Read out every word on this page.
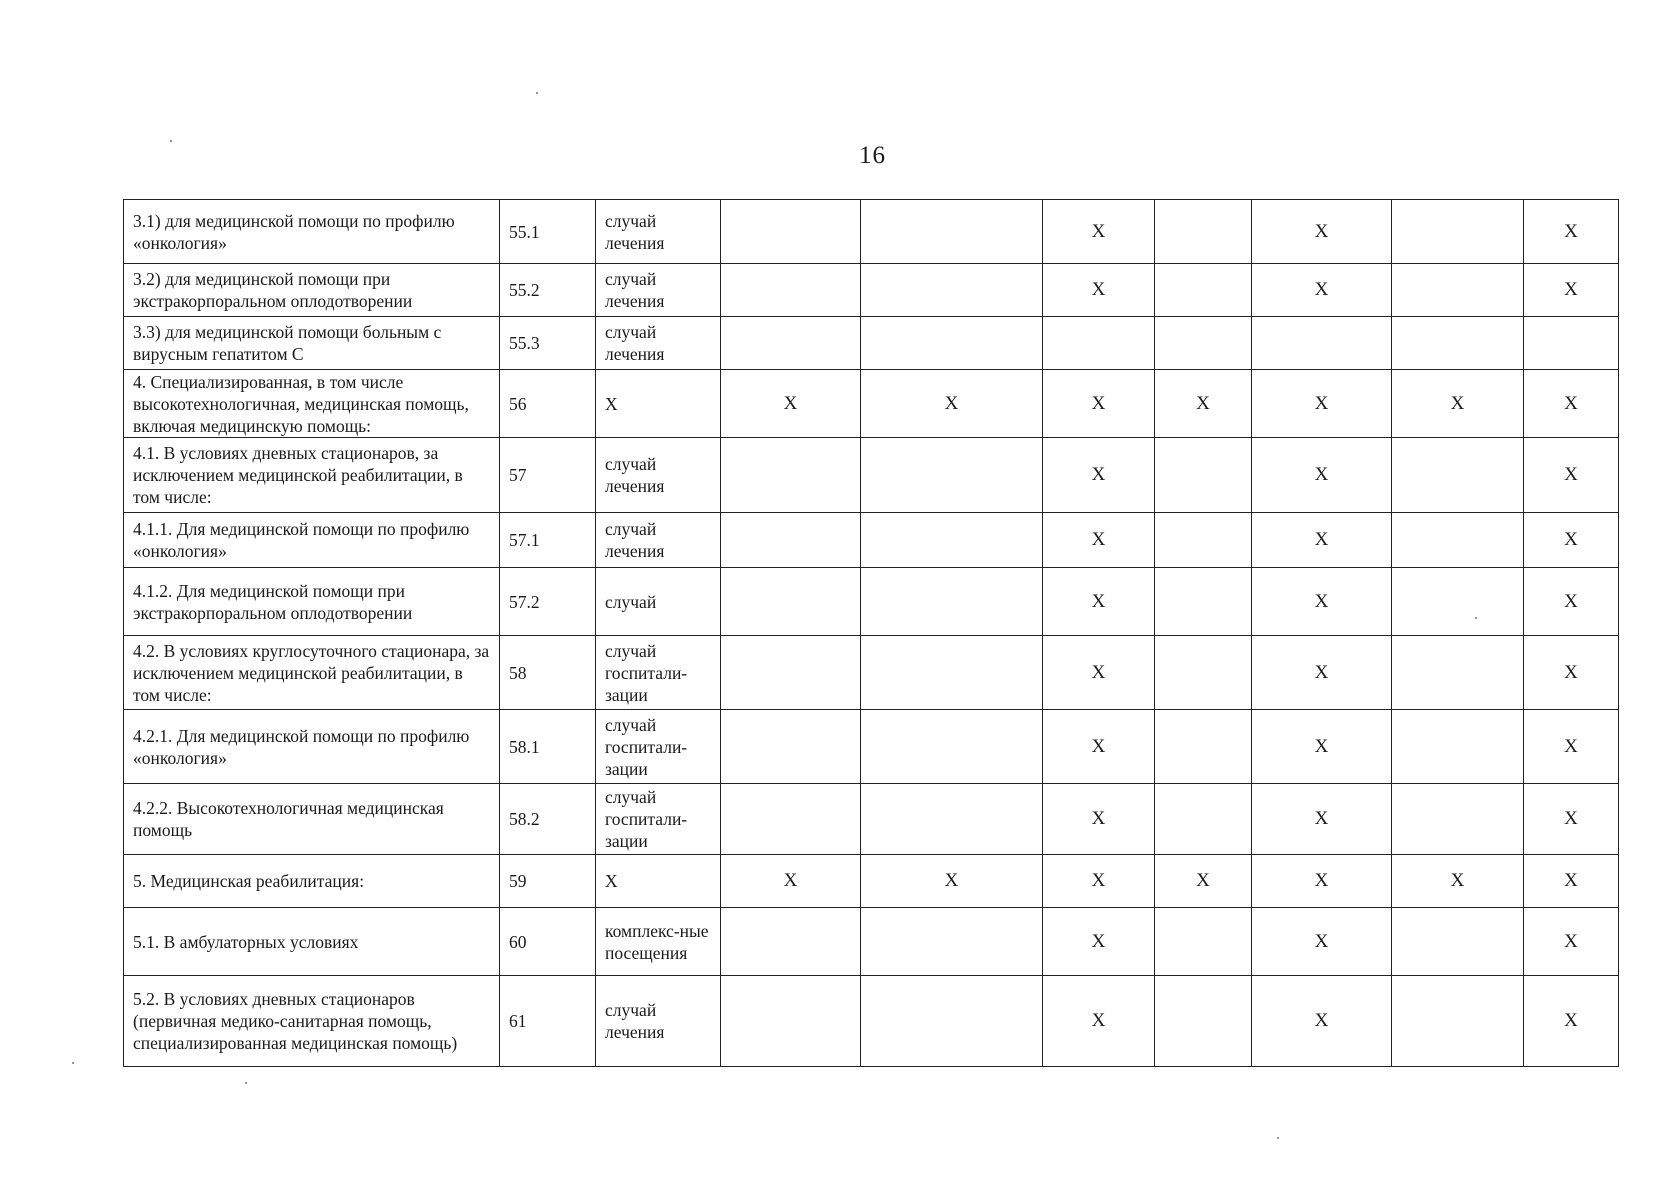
16
3.1) для медицинской помощи по профилю «онкология»	55.1	случай лечения			X		X		X
3.2) для медицинской помощи при экстракорпоральном оплодотворении	55.2	случай лечения			X		X		X
3.3) для медицинской помощи больным с вирусным гепатитом С	55.3	случай лечения							
4. Специализированная, в том числе высокотехнологичная, медицинская помощь, включая медицинскую помощь:	56	X	X	X	X	X	X	X	X
4.1. В условиях дневных стационаров, за исключением медицинской реабилитации, в том числе:	57	случай лечения			X		X		X
4.1.1. Для медицинской помощи по профилю «онкология»	57.1	случай лечения			X		X		X
4.1.2. Для медицинской помощи при экстракорпоральном оплодотворении	57.2	случай			X		X		X
4.2. В условиях круглосуточного стационара, за исключением медицинской реабилитации, в том числе:	58	случай госпитали-зации			X		X		X
4.2.1. Для медицинской помощи по профилю «онкология»	58.1	случай госпитали-зации			X		X		X
4.2.2. Высокотехнологичная медицинская помощь	58.2	случай госпитали-зации			X		X		X
5. Медицинская реабилитация:	59	X	X	X	X	X	X	X	X
5.1. В амбулаторных условиях	60	комплекс-ные посещения			X		X		X
5.2. В условиях дневных стационаров (первичная медико-санитарная помощь, специализированная медицинская помощь)	61	случай лечения			X		X		X
